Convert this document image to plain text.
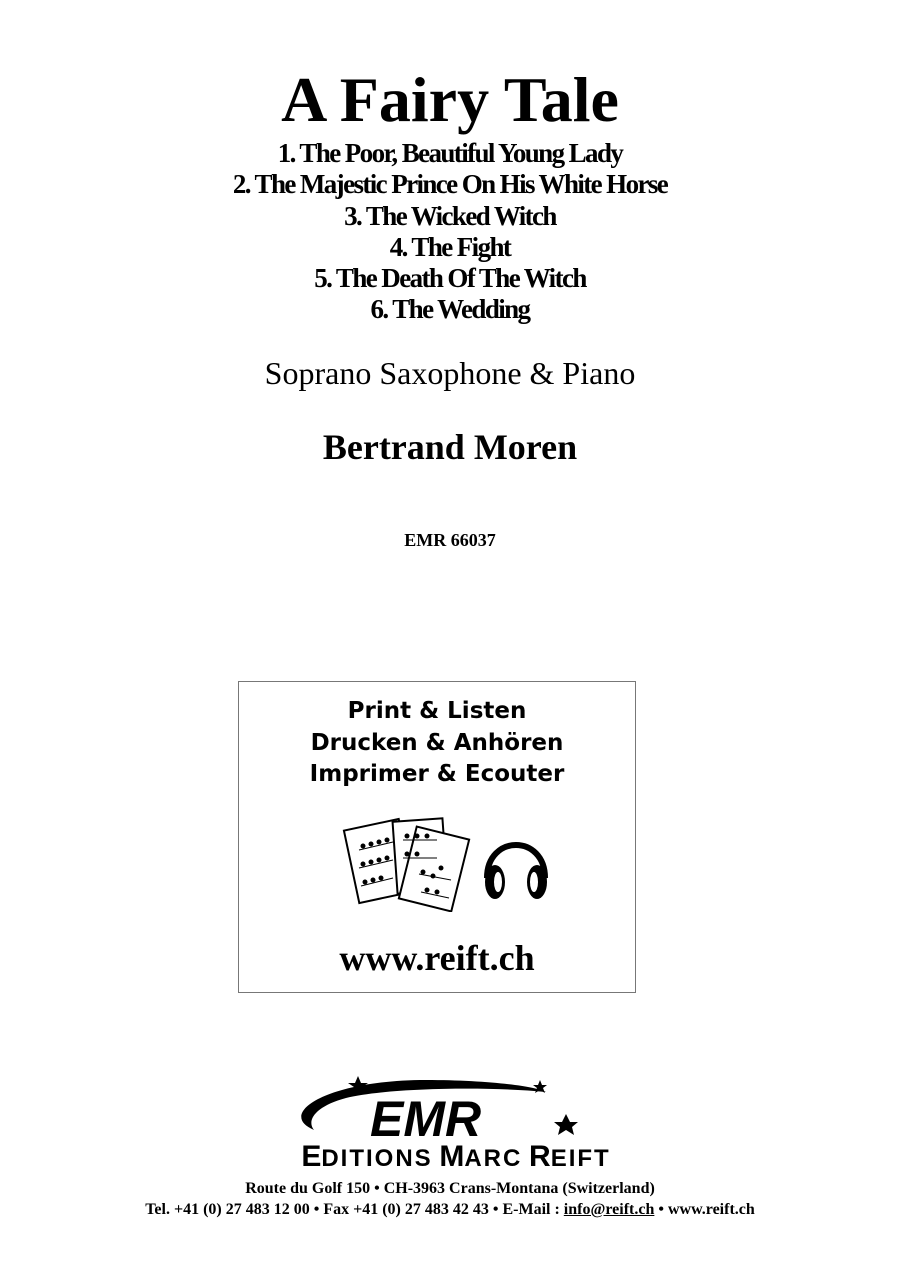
A Fairy Tale
1. The Poor, Beautiful Young Lady
2. The Majestic Prince On His White Horse
3. The Wicked Witch
4. The Fight
5. The Death Of The Witch
6. The Wedding
Soprano Saxophone & Piano
Bertrand Moren
EMR 66037
Print & Listen
Drucken & Anhören
Imprimer & Ecouter
www.reift.ch
EMR
EDITIONS MARC REIFT
Route du Golf 150 • CH-3963 Crans-Montana (Switzerland)
Tel. +41 (0) 27 483 12 00 • Fax +41 (0) 27 483 42 43 • E-Mail : info@reift.ch • www.reift.ch
